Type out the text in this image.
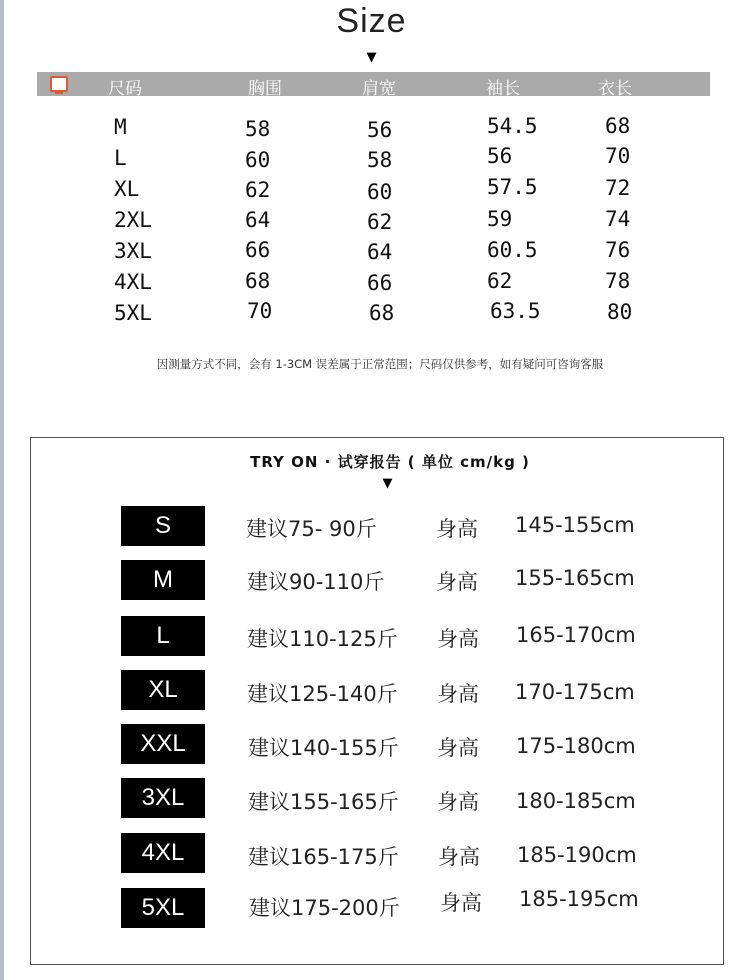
Size
▼
尺码	胸围	肩宽	袖长	衣长
M	58	56	54.5	68
L	60	58	56	70
XL	62	60	57.5	72
2XL	64	62	59	74
3XL	66	64	60.5	76
4XL	68	66	62	78
5XL	70	68	63.5	80
因测量方式不同，会有 1-3CM 误差属于正常范围；尺码仅供参考，如有疑问可咨询客服
TRY ON · 试穿报告 ( 单位 cm/kg )
▼
S	建议75- 90斤	身高 145-155cm
M	建议90-110斤 身高 155-165cm
L	建议110-125斤 身高 165-170cm
XL	建议125-140斤 身高 170-175cm
XXL	建议140-155斤 身高 175-180cm
3XL	建议155-165斤 身高 180-185cm
4XL	建议165-175斤 身高 185-190cm
5XL	建议175-200斤 身高 185-195cm
